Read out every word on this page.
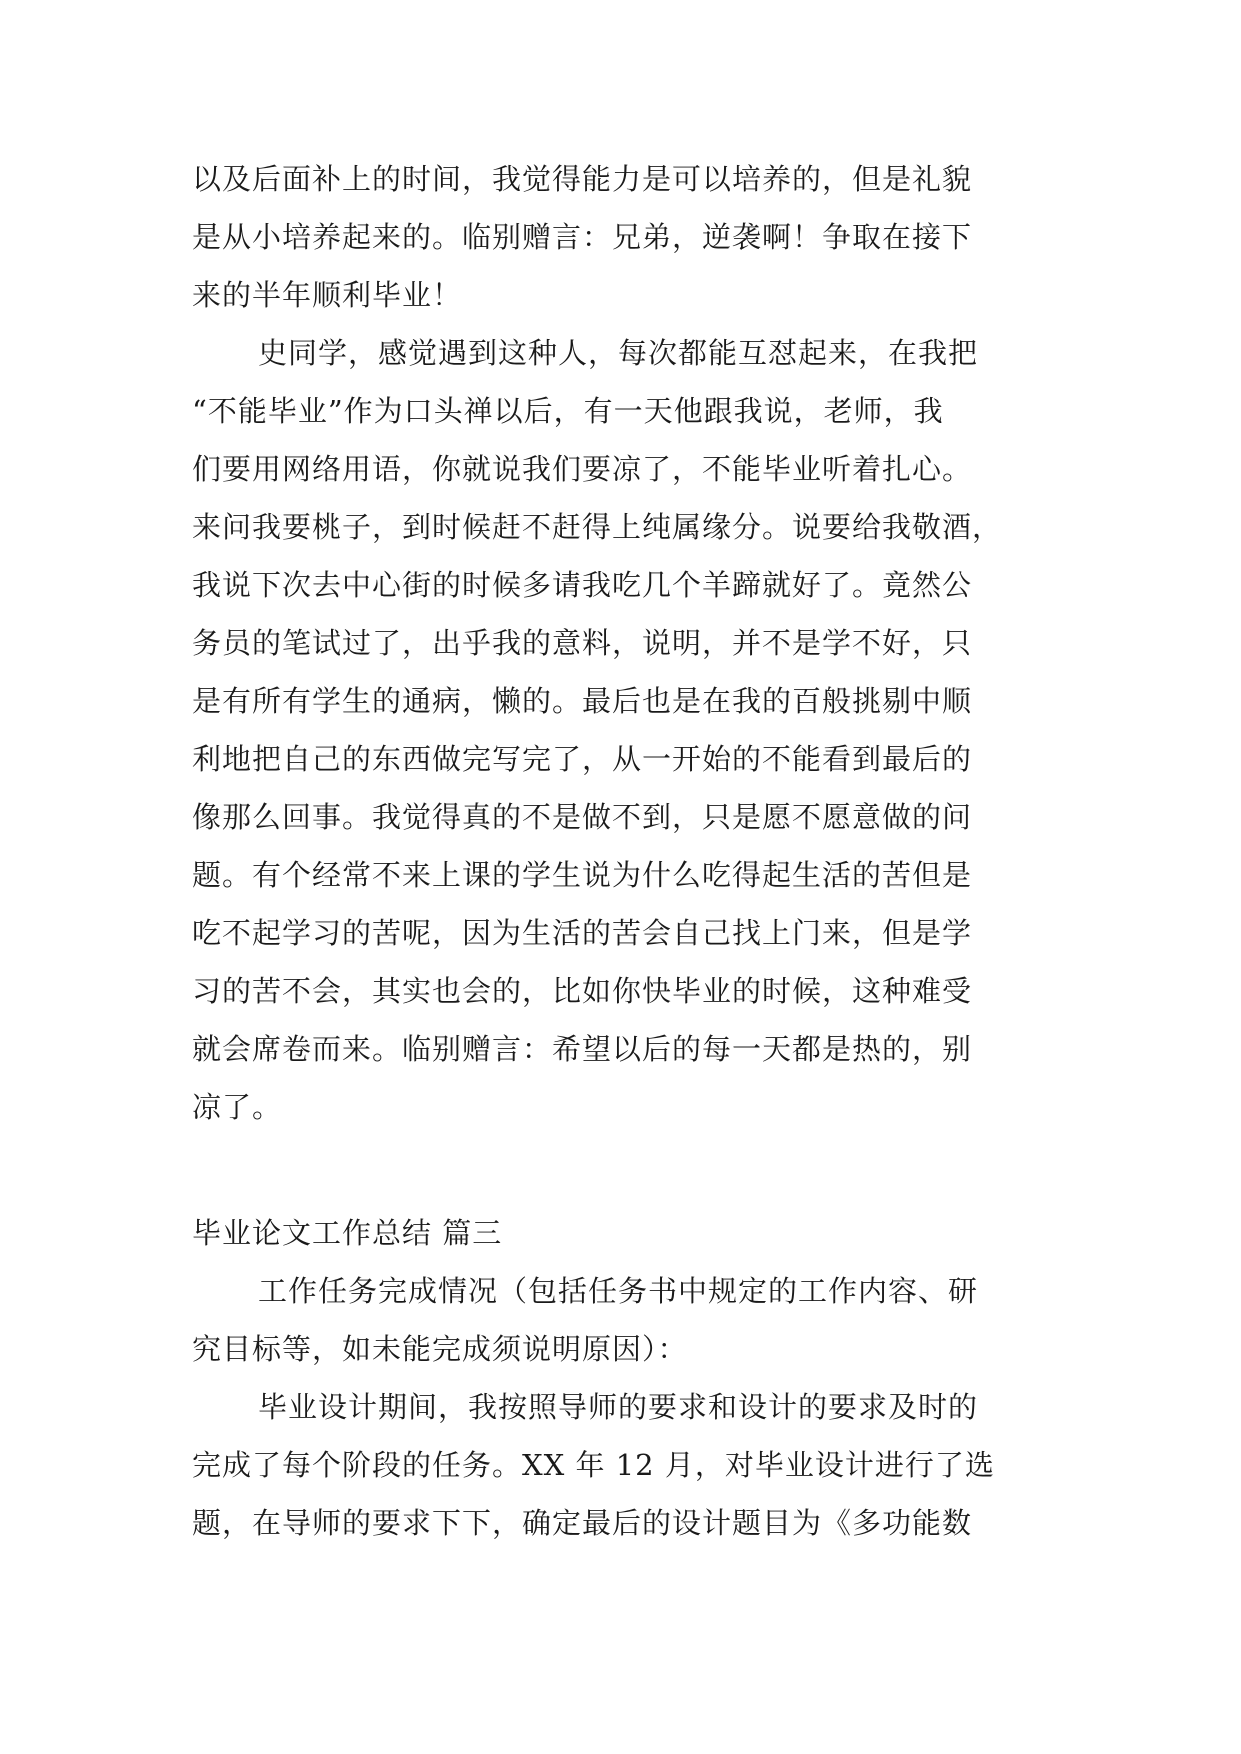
以及后面补上的时间，我觉得能力是可以培养的，但是礼貌
是从小培养起来的。临别赠言：兄弟，逆袭啊！争取在接下
来的半年顺利毕业！
史同学，感觉遇到这种人，每次都能互怼起来，在我把
“不能毕业”作为口头禅以后，有一天他跟我说，老师，我
们要用网络用语，你就说我们要凉了，不能毕业听着扎心。
来问我要桃子，到时候赶不赶得上纯属缘分。说要给我敬酒，
我说下次去中心街的时候多请我吃几个羊蹄就好了。竟然公
务员的笔试过了，出乎我的意料，说明，并不是学不好，只
是有所有学生的通病，懒的。最后也是在我的百般挑剔中顺
利地把自己的东西做完写完了，从一开始的不能看到最后的
像那么回事。我觉得真的不是做不到，只是愿不愿意做的问
题。有个经常不来上课的学生说为什么吃得起生活的苦但是
吃不起学习的苦呢，因为生活的苦会自己找上门来，但是学
习的苦不会，其实也会的，比如你快毕业的时候，这种难受
就会席卷而来。临别赠言：希望以后的每一天都是热的，别
凉了。
毕业论文工作总结 篇三
工作任务完成情况（包括任务书中规定的工作内容、研
究目标等，如未能完成须说明原因）：
毕业设计期间，我按照导师的要求和设计的要求及时的
完成了每个阶段的任务。XX 年 12 月，对毕业设计进行了选
题，在导师的要求下下，确定最后的设计题目为《多功能数
